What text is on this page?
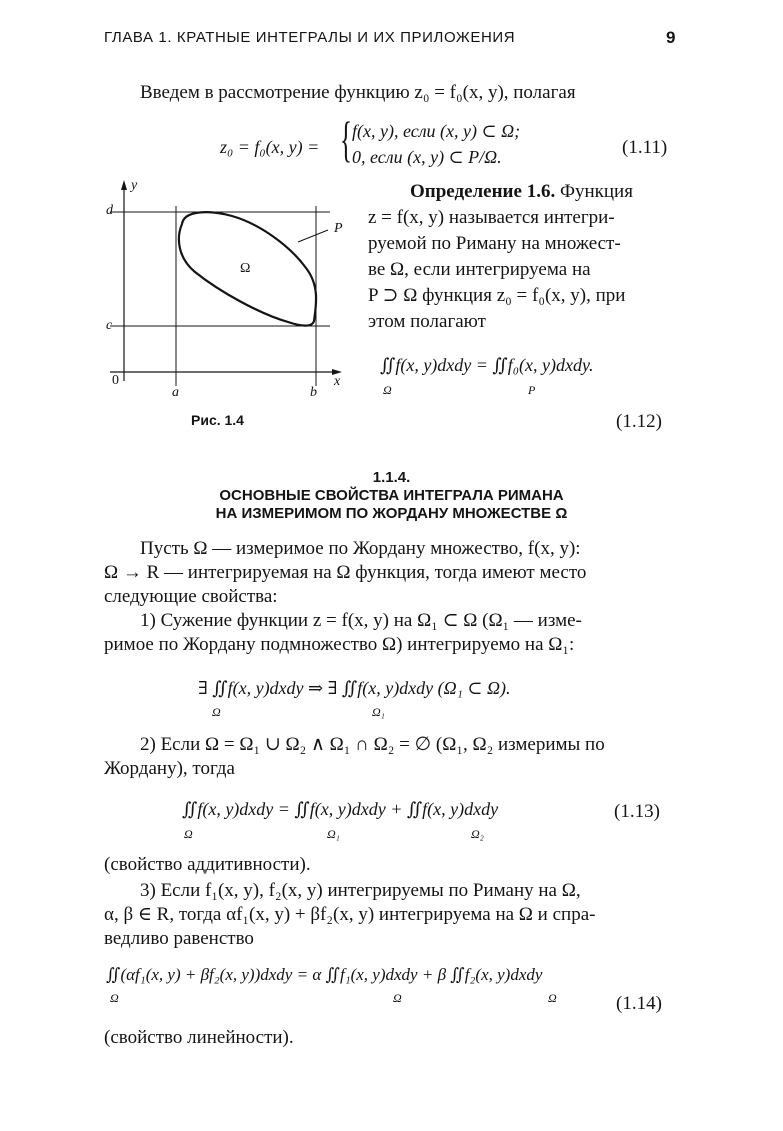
ГЛАВА 1. КРАТНЫЕ ИНТЕГРАЛЫ И ИХ ПРИЛОЖЕНИЯ	9
Введем в рассмотрение функцию z₀ = f₀(x, y), полагая
z₀ = f₀(x, y) = { f(x, y), если (x, y) ⊂ Ω;
0, если (x, y) ⊂ P/Ω.	(1.11)
y
d
c
0
a	b
x
P
Ω
Рис. 1.4
Определение 1.6. Функция
z = f(x, y) называется интегри-
руемой по Риману на множест-
ве Ω, если интегрируема на
P ⊃ Ω функция z₀ = f₀(x, y), при
этом полагают
∬f(x, y)dxdy = ∬f₀(x, y)dxdy.
Ω	P
(1.12)
1.1.4.
ОСНОВНЫЕ СВОЙСТВА ИНТЕГРАЛА РИМАНА
НА ИЗМЕРИМОМ ПО ЖОРДАНУ МНОЖЕСТВЕ Ω
Пусть Ω — измеримое по Жордану множество, f(x, y):
Ω → R — интегрируемая на Ω функция, тогда имеют место
следующие свойства:
1) Сужение функции z = f(x, y) на Ω₁ ⊂ Ω (Ω₁ — изме-
римое по Жордану подмножество Ω) интегрируемо на Ω₁:
∃ ∬f(x, y)dxdy ⇒ ∃ ∬f(x, y)dxdy (Ω₁ ⊂ Ω).
Ω	Ω₁
2) Если Ω = Ω₁ ∪ Ω₂ ∧ Ω₁ ∩ Ω₂ = ∅ (Ω₁, Ω₂ измеримы по
Жордану), тогда
∬f(x, y)dxdy = ∬f(x, y)dxdy + ∬f(x, y)dxdy
Ω	Ω₁	Ω₂
(1.13)
(свойство аддитивности).
3) Если f₁(x, y), f₂(x, y) интегрируемы по Риману на Ω,
α, β ∈ R, тогда αf₁(x, y) + βf₂(x, y) интегрируема на Ω и спра-
ведливо равенство
∬(αf₁(x, y) + βf₂(x, y))dxdy = α ∬f₁(x, y)dxdy + β ∬f₂(x, y)dxdy
Ω	Ω	Ω	(1.14)
(свойство линейности).
